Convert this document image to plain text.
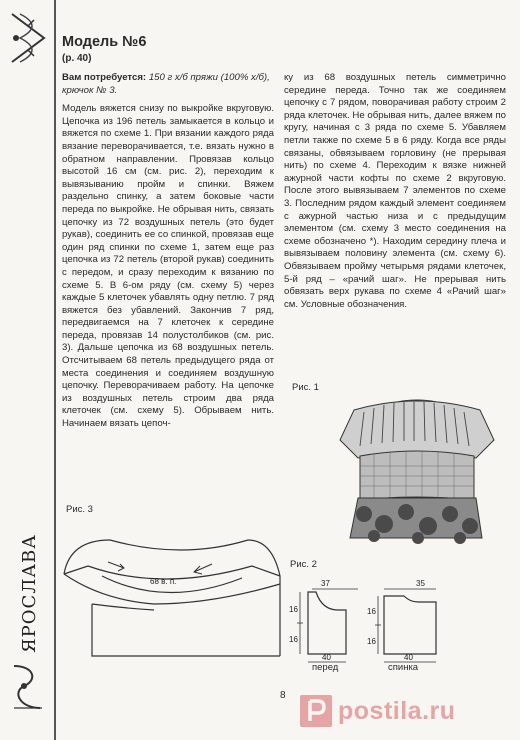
ЯРОСЛАВА
Модель №6
(р. 40)

Вам потребуется: 150 г х/б пряжи (100% х/б), крючок № 3.

Модель вяжется снизу по выкройке вкруговую. Цепочка из 196 петель замыкается в кольцо и вяжется по схеме 1. При вязании каждого ряда вязание переворачивается, т.е. вязать нужно в обратном направлении. Провязав кольцо высотой 16 см (см. рис. 2), переходим к вывязыванию пройм и спинки. Вяжем раздельно спинку, а затем боковые части переда по выкройке. Не обрывая нить, связать цепочку из 72 воздушных петель (это будет рукав), соединить ее со спинкой, провязав еще один ряд спинки по схеме 1, затем еще раз цепочка из 72 петель (второй рукав) соединить с передом, и сразу переходим к вязанию по схеме 5. В 6-ом ряду (см. схему 5) через каждые 5 клеточек убавлять одну петлю. 7 ряд вяжется без убавлений. Закончив 7 ряд, передвигаемся на 7 клеточек к середине переда, провязав 14 полустолбиков (см. рис. 3). Дальше цепочка из 68 воздушных петель. Отсчитываем 68 петель предыдущего ряда от места соединения и соединяем воздушную цепочку. Переворачиваем работу. На цепочке из воздушных петель строим два ряда клеточек (см. схему 5). Обрываем нить. Начинаем вязать цепоч-

ку из 68 воздушных петель симметрично середине переда. Точно так же соединяем цепочку с 7 рядом, поворачивая работу строим 2 ряда клеточек. Не обрывая нить, далее вяжем по кругу, начиная с 3 ряда по схеме 5. Убавляем петли также по схеме 5 в 6 ряду. Когда все ряды связаны, обвязываем горловину (не прерывая нить) по схеме 4. Переходим к вязке нижней ажурной части кофты по схеме 2 вкруговую. После этого вывязываем 7 элементов по схеме 3. Последним рядом каждый элемент соединяем с ажурной частью низа и с предыдущим элементом (см. схему 3 место соединения на схеме обозначено *). Находим середину плеча и вывязываем половину элемента (см. схему 6). Обвязываем пройму четырьмя рядами клеточек, 5-й ряд – «рачий шаг». Не прерывая нить обвязать верх рукава по схеме 4 «Рачий шаг» см. Условные обозначения.

Рис. 1
Рис. 3
68 в. п.
Рис. 2
37
16
16
40
35
16
16
40
перед	спинка
8
postila.ru
